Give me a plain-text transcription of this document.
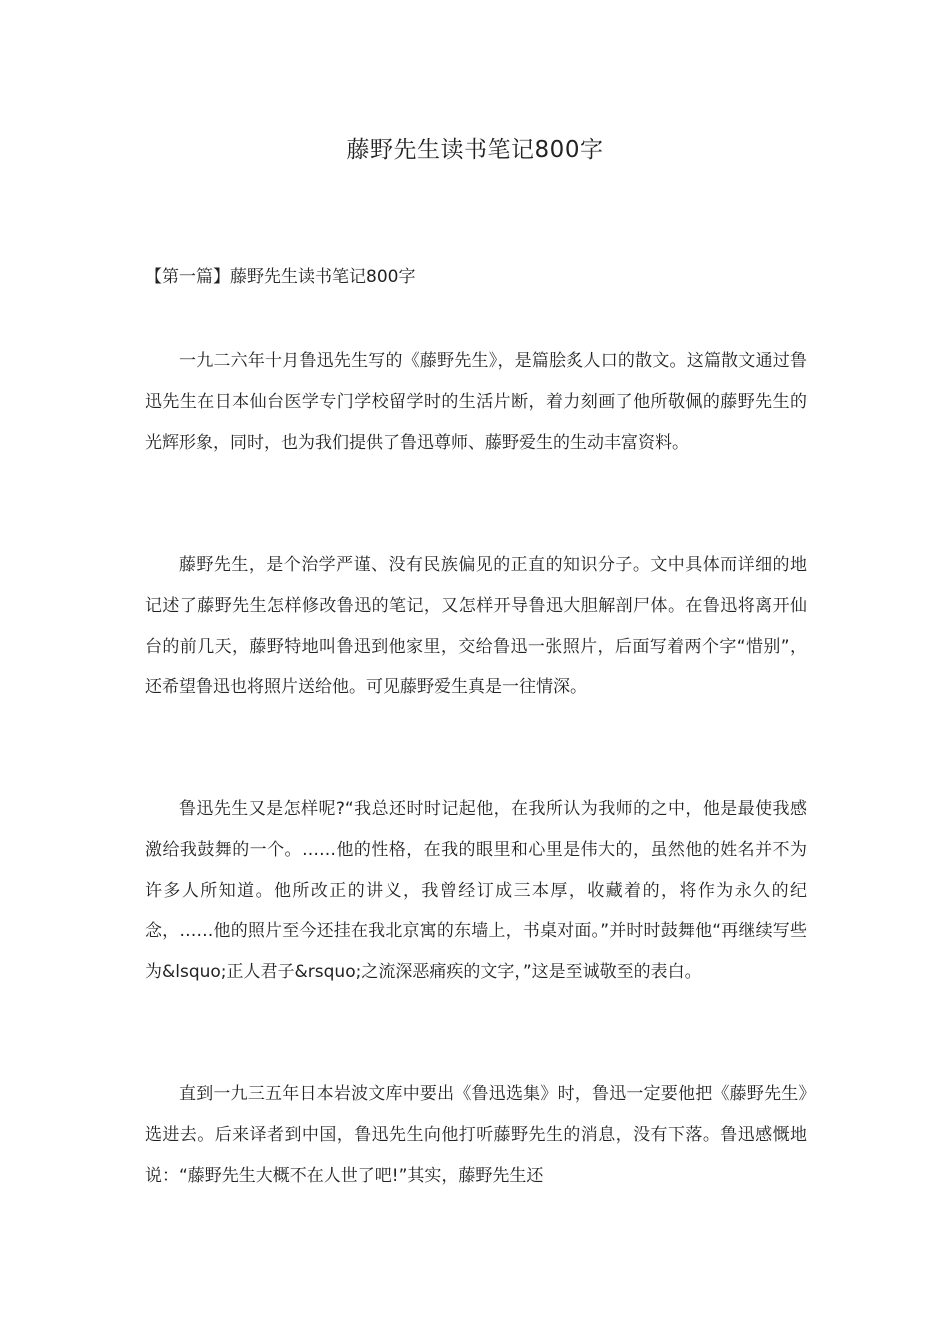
藤野先生读书笔记800字
【第一篇】藤野先生读书笔记800字

一九二六年十月鲁迅先生写的《藤野先生》，是篇脍炙人口的散文。这篇散文通过鲁迅先生在日本仙台医学专门学校留学时的生活片断，着力刻画了他所敬佩的藤野先生的光辉形象，同时，也为我们提供了鲁迅尊师、藤野爱生的生动丰富资料。

藤野先生，是个治学严谨、没有民族偏见的正直的知识分子。文中具体而详细的地记述了藤野先生怎样修改鲁迅的笔记，又怎样开导鲁迅大胆解剖尸体。在鲁迅将离开仙台的前几天，藤野特地叫鲁迅到他家里，交给鲁迅一张照片，后面写着两个字“惜别”，还希望鲁迅也将照片送给他。可见藤野爱生真是一往情深。

鲁迅先生又是怎样呢?“我总还时时记起他，在我所认为我师的之中，他是最使我感激给我鼓舞的一个。……他的性格，在我的眼里和心里是伟大的，虽然他的姓名并不为许多人所知道。他所改正的讲义，我曾经订成三本厚，收藏着的，将作为永久的纪念，……他的照片至今还挂在我北京寓的东墙上，书桌对面。”并时时鼓舞他“再继续写些为&lsquo;正人君子&rsquo;之流深恶痛疾的文字，”这是至诚敬至的表白。

直到一九三五年日本岩波文库中要出《鲁迅选集》时，鲁迅一定要他把《藤野先生》选进去。后来译者到中国，鲁迅先生向他打听藤野先生的消息，没有下落。鲁迅感慨地说：“藤野先生大概不在人世了吧!”其实，藤野先生还
